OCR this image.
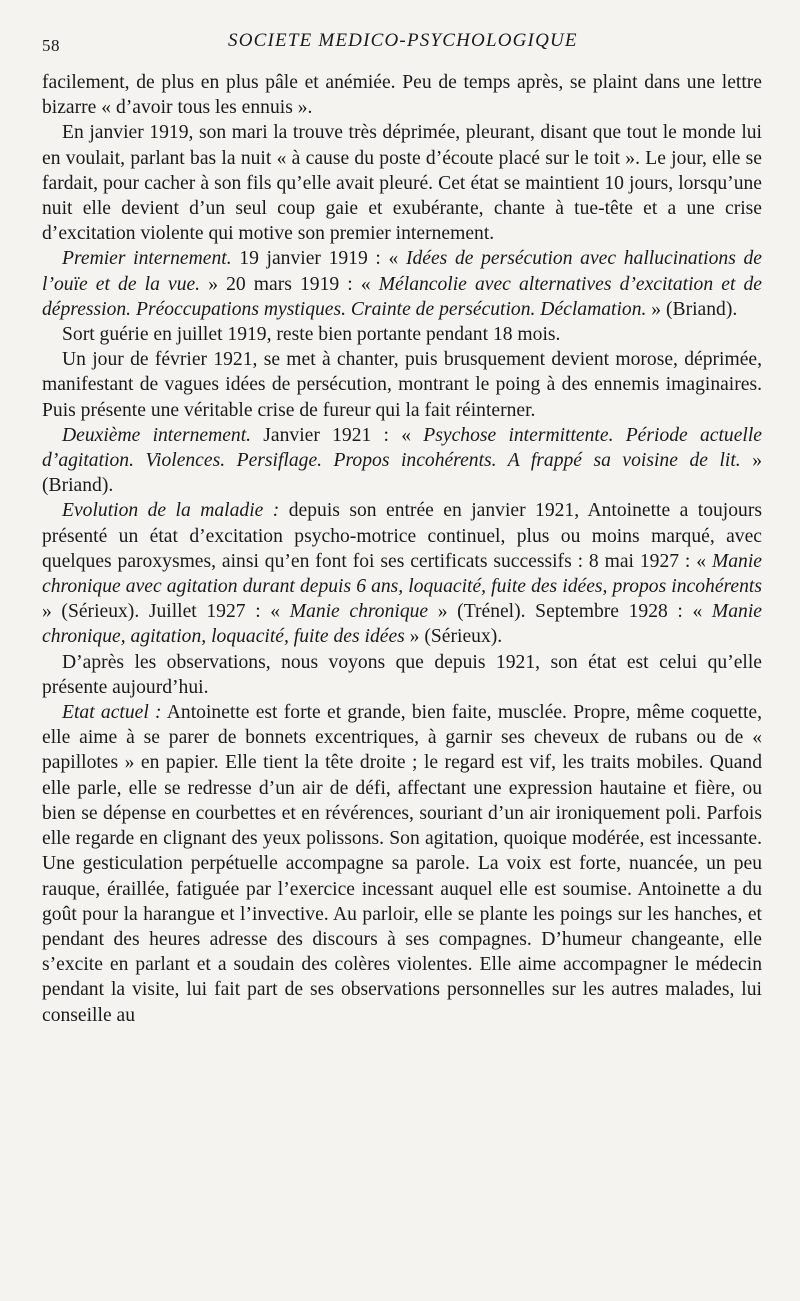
58	SOCIETE MEDICO-PSYCHOLOGIQUE

facilement, de plus en plus pâle et anémiée. Peu de temps après, se plaint dans une lettre bizarre « d’avoir tous les ennuis ».

En janvier 1919, son mari la trouve très déprimée, pleurant, disant que tout le monde lui en voulait, parlant bas la nuit « à cause du poste d’écoute placé sur le toit ». Le jour, elle se fardait, pour cacher à son fils qu’elle avait pleuré. Cet état se maintient 10 jours, lorsqu’une nuit elle devient d’un seul coup gaie et exubérante, chante à tue-tête et a une crise d’excitation violente qui motive son premier internement.

Premier internement. 19 janvier 1919 : « Idées de persécution avec hallucinations de l’ouïe et de la vue. » 20 mars 1919 : « Mélancolie avec alternatives d’excitation et de dépression. Préoccupations mystiques. Crainte de persécution. Déclamation. » (Briand).

Sort guérie en juillet 1919, reste bien portante pendant 18 mois.

Un jour de février 1921, se met à chanter, puis brusquement devient morose, déprimée, manifestant de vagues idées de persécution, montrant le poing à des ennemis imaginaires. Puis présente une véritable crise de fureur qui la fait réinterner.

Deuxième internement. Janvier 1921 : « Psychose intermittente. Période actuelle d’agitation. Violences. Persiflage. Propos incohérents. A frappé sa voisine de lit. » (Briand).

Evolution de la maladie : depuis son entrée en janvier 1921, Antoinette a toujours présenté un état d’excitation psycho-motrice continuel, plus ou moins marqué, avec quelques paroxysmes, ainsi qu’en font foi ses certificats successifs : 8 mai 1927 : « Manie chronique avec agitation durant depuis 6 ans, loquacité, fuite des idées, propos incohérents » (Sérieux). Juillet 1927 : « Manie chronique » (Trénel). Septembre 1928 : « Manie chronique, agitation, loquacité, fuite des idées » (Sérieux).

D’après les observations, nous voyons que depuis 1921, son état est celui qu’elle présente aujourd’hui.

Etat actuel : Antoinette est forte et grande, bien faite, musclée. Propre, même coquette, elle aime à se parer de bonnets excentriques, à garnir ses cheveux de rubans ou de « papillotes » en papier. Elle tient la tête droite ; le regard est vif, les traits mobiles. Quand elle parle, elle se redresse d’un air de défi, affectant une expression hautaine et fière, ou bien se dépense en courbettes et en révérences, souriant d’un air ironiquement poli. Parfois elle regarde en clignant des yeux polissons. Son agitation, quoique modérée, est incessante. Une gesticulation perpétuelle accompagne sa parole. La voix est forte, nuancée, un peu rauque, éraillée, fatiguée par l’exercice incessant auquel elle est soumise. Antoinette a du goût pour la harangue et l’invective. Au parloir, elle se plante les poings sur les hanches, et pendant des heures adresse des discours à ses compagnes. D’humeur changeante, elle s’excite en parlant et a soudain des colères violentes. Elle aime accompagner le médecin pendant la visite, lui fait part de ses observations personnelles sur les autres malades, lui conseille au
